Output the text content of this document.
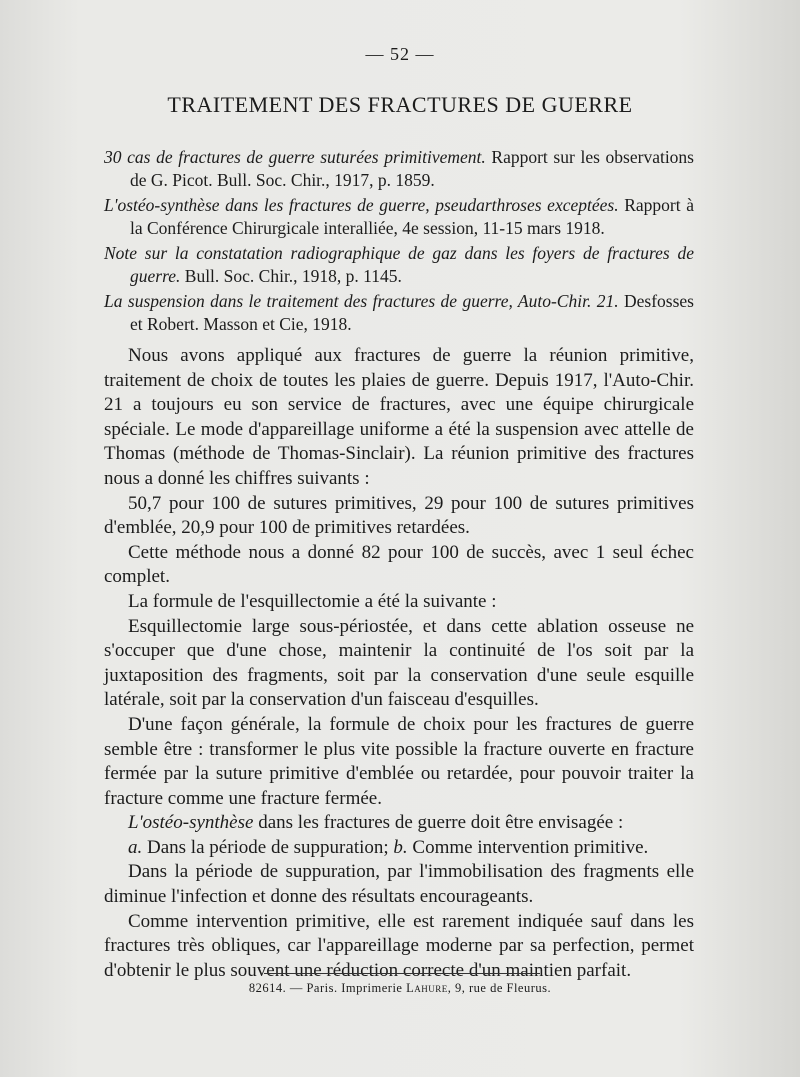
— 52 —
TRAITEMENT DES FRACTURES DE GUERRE

30 cas de fractures de guerre suturées primitivement. Rapport sur les observations de G. Picot. Bull. Soc. Chir., 1917, p. 1859.

L'ostéo-synthèse dans les fractures de guerre, pseudarthroses exceptées. Rapport à la Conférence Chirurgicale interalliée, 4e session, 11-15 mars 1918.

Note sur la constatation radiographique de gaz dans les foyers de fractures de guerre. Bull. Soc. Chir., 1918, p. 1145.

La suspension dans le traitement des fractures de guerre, Auto-Chir. 21. Desfosses et Robert. Masson et Cie, 1918.

Nous avons appliqué aux fractures de guerre la réunion primitive, traitement de choix de toutes les plaies de guerre. Depuis 1917, l'Auto-Chir. 21 a toujours eu son service de fractures, avec une équipe chirurgicale spéciale. Le mode d'appareillage uniforme a été la suspension avec attelle de Thomas (méthode de Thomas-Sinclair). La réunion primitive des fractures nous a donné les chiffres suivants :

50,7 pour 100 de sutures primitives, 29 pour 100 de sutures primitives d'emblée, 20,9 pour 100 de primitives retardées.

Cette méthode nous a donné 82 pour 100 de succès, avec 1 seul échec complet.

La formule de l'esquillectomie a été la suivante :

Esquillectomie large sous-périostée, et dans cette ablation osseuse ne s'occuper que d'une chose, maintenir la continuité de l'os soit par la juxtaposition des fragments, soit par la conservation d'une seule esquille latérale, soit par la conservation d'un faisceau d'esquilles.

D'une façon générale, la formule de choix pour les fractures de guerre semble être : transformer le plus vite possible la fracture ouverte en fracture fermée par la suture primitive d'emblée ou retardée, pour pouvoir traiter la fracture comme une fracture fermée.

L'ostéo-synthèse dans les fractures de guerre doit être envisagée :

a. Dans la période de suppuration; b. Comme intervention primitive.

Dans la période de suppuration, par l'immobilisation des fragments elle diminue l'infection et donne des résultats encourageants.

Comme intervention primitive, elle est rarement indiquée sauf dans les fractures très obliques, car l'appareillage moderne par sa perfection, permet d'obtenir le plus souvent une réduction correcte d'un maintien parfait.

82614. — Paris. Imprimerie Lahure, 9, rue de Fleurus.
